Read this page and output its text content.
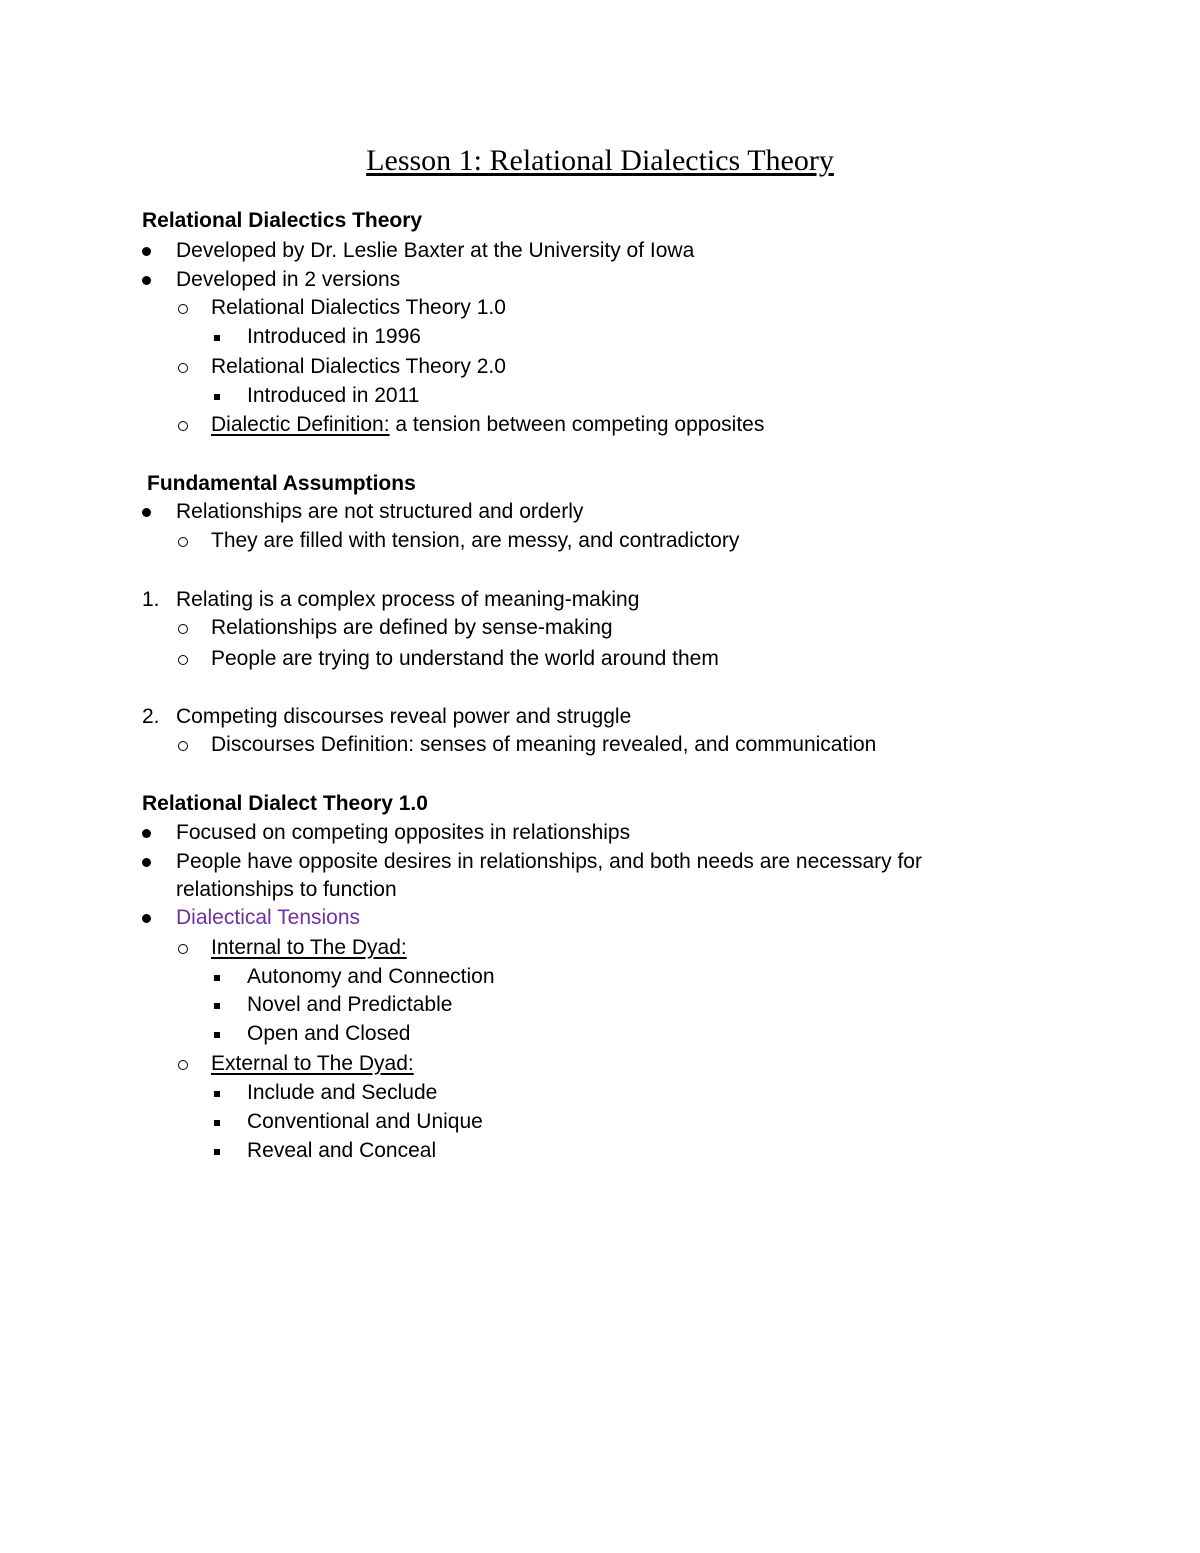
Lesson 1: Relational Dialectics Theory
Relational Dialectics Theory
Developed by Dr. Leslie Baxter at the University of Iowa
Developed in 2 versions
Relational Dialectics Theory 1.0
Introduced in 1996
Relational Dialectics Theory 2.0
Introduced in 2011
Dialectic Definition: a tension between competing opposites
Fundamental Assumptions
Relationships are not structured and orderly
They are filled with tension, are messy, and contradictory
1. Relating is a complex process of meaning-making
Relationships are defined by sense-making
People are trying to understand the world around them
2. Competing discourses reveal power and struggle
Discourses Definition: senses of meaning revealed, and communication
Relational Dialect Theory 1.0
Focused on competing opposites in relationships
People have opposite desires in relationships, and both needs are necessary for
relationships to function
Dialectical Tensions
Internal to The Dyad:
Autonomy and Connection
Novel and Predictable
Open and Closed
External to The Dyad:
Include and Seclude
Conventional and Unique
Reveal and Conceal
